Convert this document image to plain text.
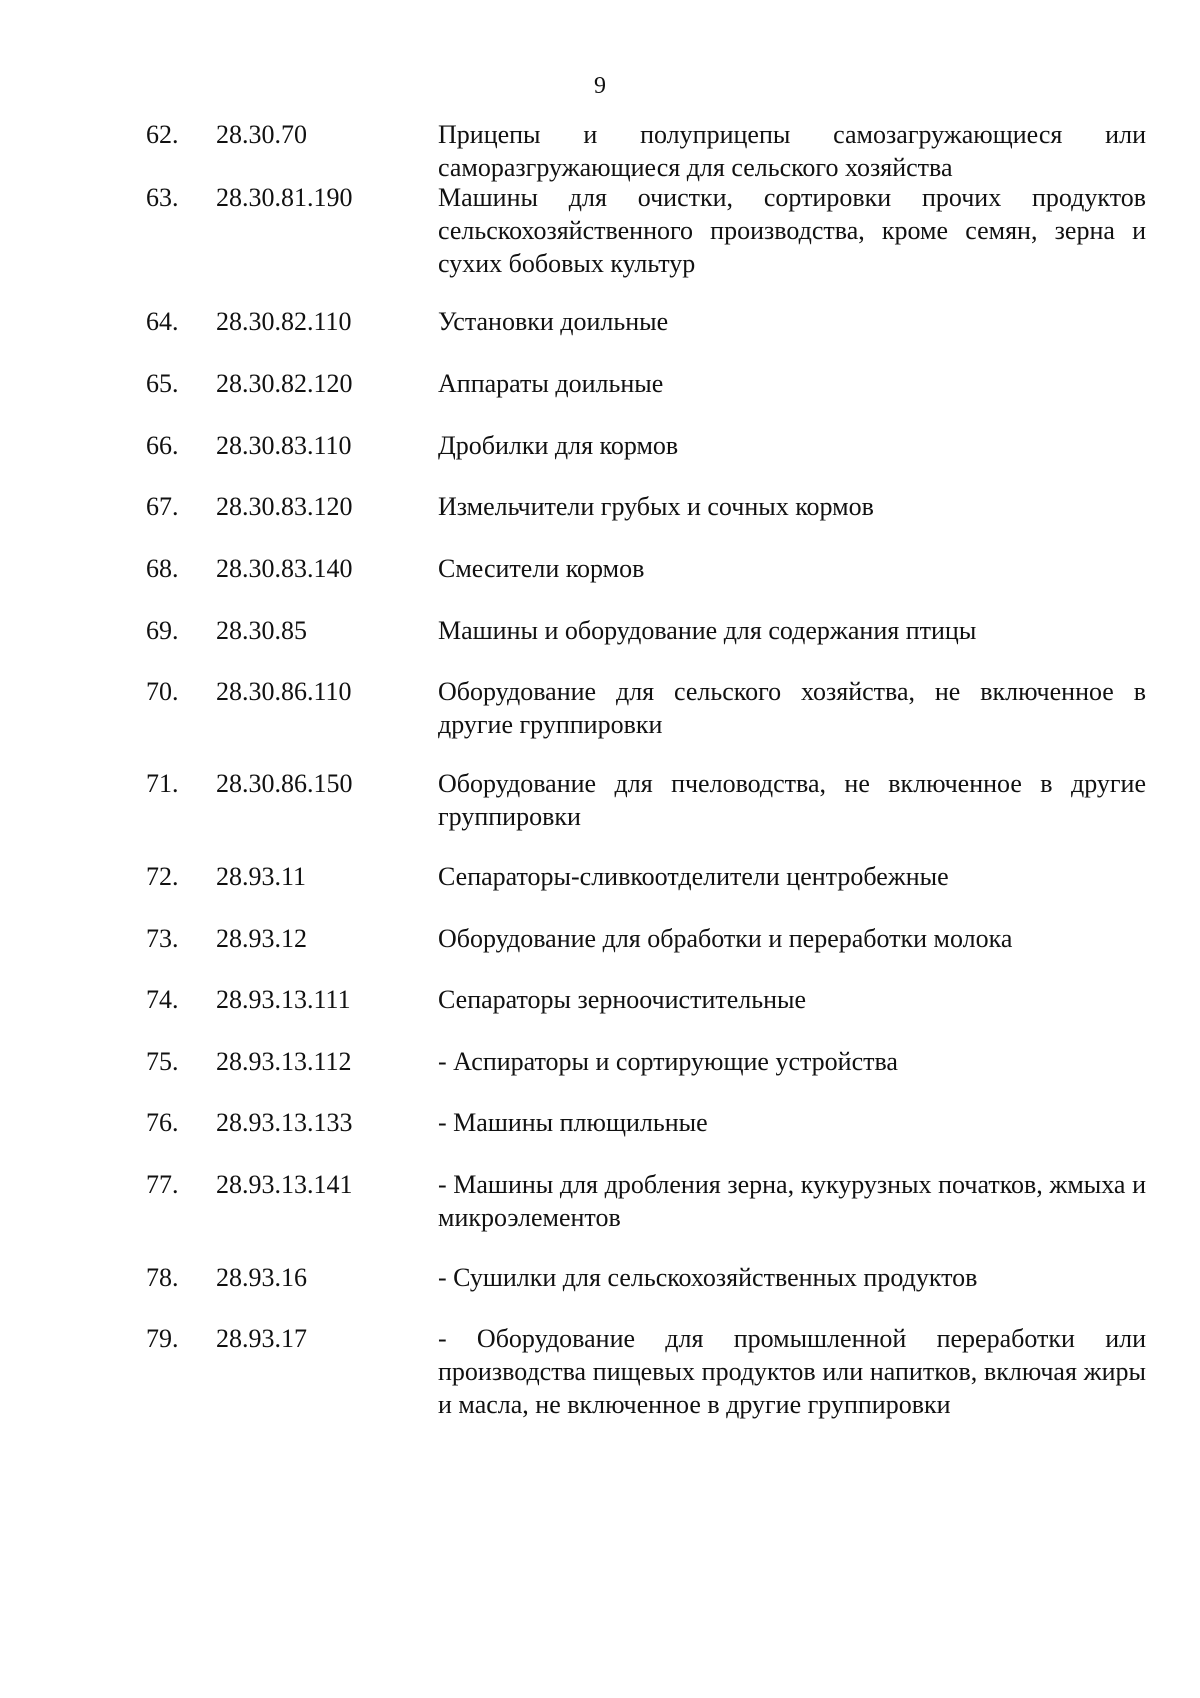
9
62. 28.30.70	Прицепы и полуприцепы самозагружающиеся или саморазгружающиеся для сельского хозяйства
63. 28.30.81.190	Машины для очистки, сортировки прочих продуктов сельскохозяйственного производства, кроме семян, зерна и сухих бобовых культур
64. 28.30.82.110	Установки доильные
65. 28.30.82.120	Аппараты доильные
66. 28.30.83.110	Дробилки для кормов
67. 28.30.83.120	Измельчители грубых и сочных кормов
68. 28.30.83.140	Смесители кормов
69. 28.30.85	Машины и оборудование для содержания птицы
70. 28.30.86.110	Оборудование для сельского хозяйства, не включенное в другие группировки
71. 28.30.86.150	Оборудование для пчеловодства, не включенное в другие группировки
72. 28.93.11	Сепараторы-сливкоотделители центробежные
73. 28.93.12	Оборудование для обработки и переработки молока
74. 28.93.13.111	Сепараторы зерноочистительные
75. 28.93.13.112	- Аспираторы и сортирующие устройства
76. 28.93.13.133	- Машины плющильные
77. 28.93.13.141	- Машины для дробления зерна, кукурузных початков, жмыха и микроэлементов
78. 28.93.16	- Сушилки для сельскохозяйственных продуктов
79. 28.93.17	- Оборудование для промышленной переработки или производства пищевых продуктов или напитков, включая жиры и масла, не включенное в другие группировки
